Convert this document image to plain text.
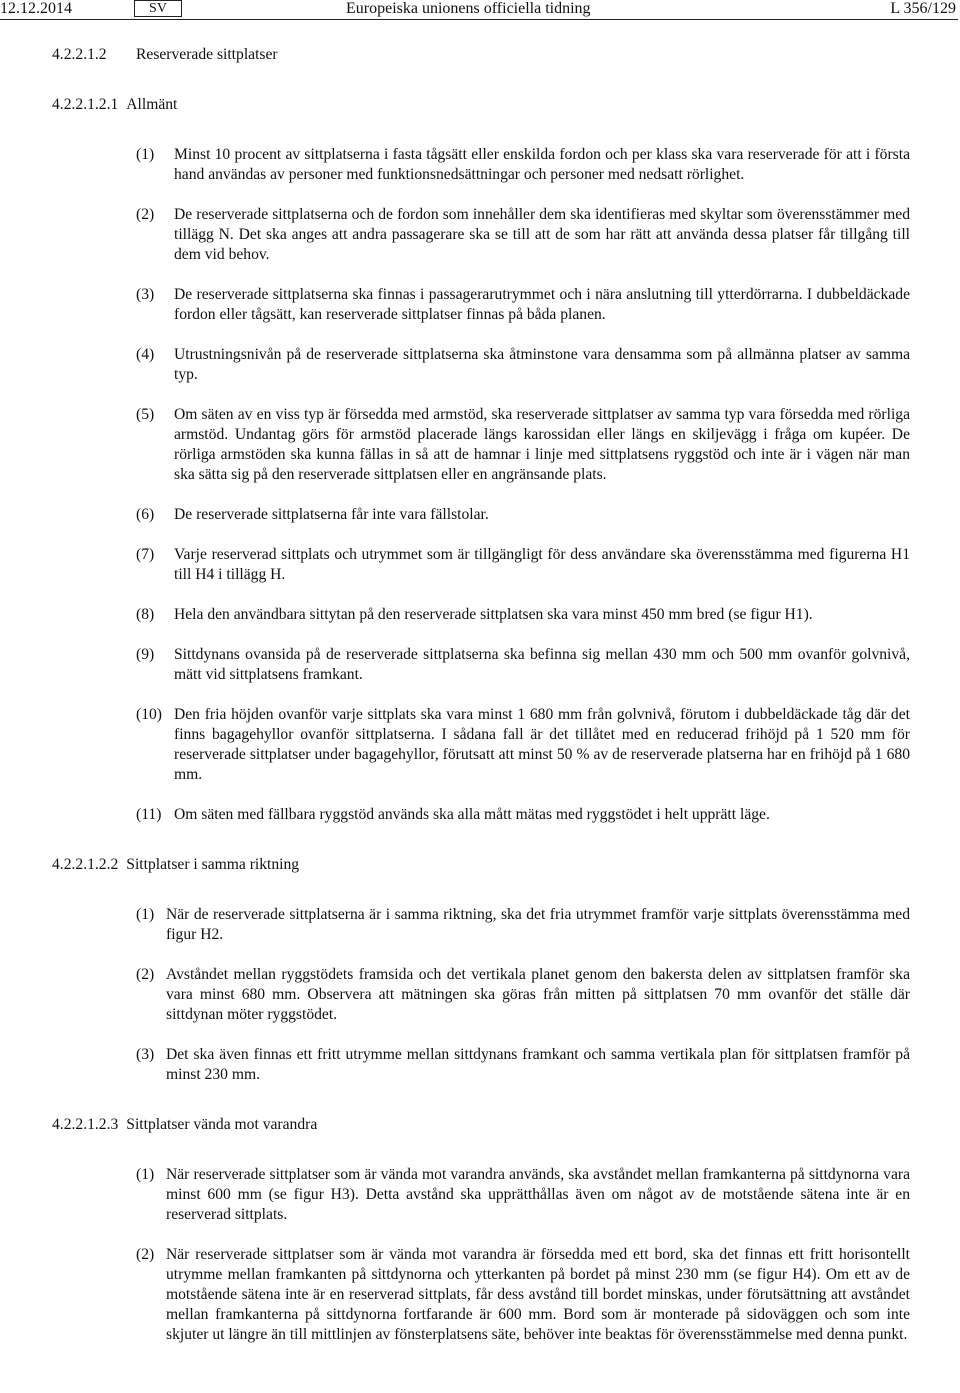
12.12.2014	SV	Europeiska unionens officiella tidning	L 356/129
4.2.2.1.2	Reserverade sittplatser
4.2.2.1.2.1 Allmänt
(1)	Minst 10 procent av sittplatserna i fasta tågsätt eller enskilda fordon och per klass ska vara reserverade för att i första hand användas av personer med funktionsnedsättningar och personer med nedsatt rörlighet.
(2)	De reserverade sittplatserna och de fordon som innehåller dem ska identifieras med skyltar som överensstämmer med tillägg N. Det ska anges att andra passagerare ska se till att de som har rätt att använda dessa platser får tillgång till dem vid behov.
(3)	De reserverade sittplatserna ska finnas i passagerarutrymmet och i nära anslutning till ytterdörrarna. I dubbeldäckade fordon eller tågsätt, kan reserverade sittplatser finnas på båda planen.
(4)	Utrustningsnivån på de reserverade sittplatserna ska åtminstone vara densamma som på allmänna platser av samma typ.
(5)	Om säten av en viss typ är försedda med armstöd, ska reserverade sittplatser av samma typ vara försedda med rörliga armstöd. Undantag görs för armstöd placerade längs karossidan eller längs en skiljevägg i fråga om kupéer. De rörliga armstöden ska kunna fällas in så att de hamnar i linje med sittplatsens ryggstöd och inte är i vägen när man ska sätta sig på den reserverade sittplatsen eller en angränsande plats.
(6)	De reserverade sittplatserna får inte vara fällstolar.
(7)	Varje reserverad sittplats och utrymmet som är tillgängligt för dess användare ska överensstämma med figurerna H1 till H4 i tillägg H.
(8)	Hela den användbara sittytan på den reserverade sittplatsen ska vara minst 450 mm bred (se figur H1).
(9)	Sittdynans ovansida på de reserverade sittplatserna ska befinna sig mellan 430 mm och 500 mm ovanför golvnivå, mätt vid sittplatsens framkant.
(10) Den fria höjden ovanför varje sittplats ska vara minst 1 680 mm från golvnivå, förutom i dubbeldäckade tåg där det finns bagagehyllor ovanför sittplatserna. I sådana fall är det tillåtet med en reducerad frihöjd på 1 520 mm för reserverade sittplatser under bagagehyllor, förutsatt att minst 50 % av de reserverade platserna har en frihöjd på 1 680 mm.
(11) Om säten med fällbara ryggstöd används ska alla mått mätas med ryggstödet i helt upprätt läge.
4.2.2.1.2.2 Sittplatser i samma riktning
(1) När de reserverade sittplatserna är i samma riktning, ska det fria utrymmet framför varje sittplats överensstämma med figur H2.
(2) Avståndet mellan ryggstödets framsida och det vertikala planet genom den bakersta delen av sittplatsen framför ska vara minst 680 mm. Observera att mätningen ska göras från mitten på sittplatsen 70 mm ovanför det ställe där sittdynan möter ryggstödet.
(3) Det ska även finnas ett fritt utrymme mellan sittdynans framkant och samma vertikala plan för sittplatsen framför på minst 230 mm.
4.2.2.1.2.3 Sittplatser vända mot varandra
(1) När reserverade sittplatser som är vända mot varandra används, ska avståndet mellan framkanterna på sittdynorna vara minst 600 mm (se figur H3). Detta avstånd ska upprätthållas även om något av de motstående sätena inte är en reserverad sittplats.
(2) När reserverade sittplatser som är vända mot varandra är försedda med ett bord, ska det finnas ett fritt horisontellt utrymme mellan framkanten på sittdynorna och ytterkanten på bordet på minst 230 mm (se figur H4). Om ett av de motstående sätena inte är en reserverad sittplats, får dess avstånd till bordet minskas, under förutsättning att avståndet mellan framkanterna på sittdynorna fortfarande är 600 mm. Bord som är monterade på sidoväggen och som inte skjuter ut längre än till mittlinjen av fönsterplatsens säte, behöver inte beaktas för överensstämmelse med denna punkt.
